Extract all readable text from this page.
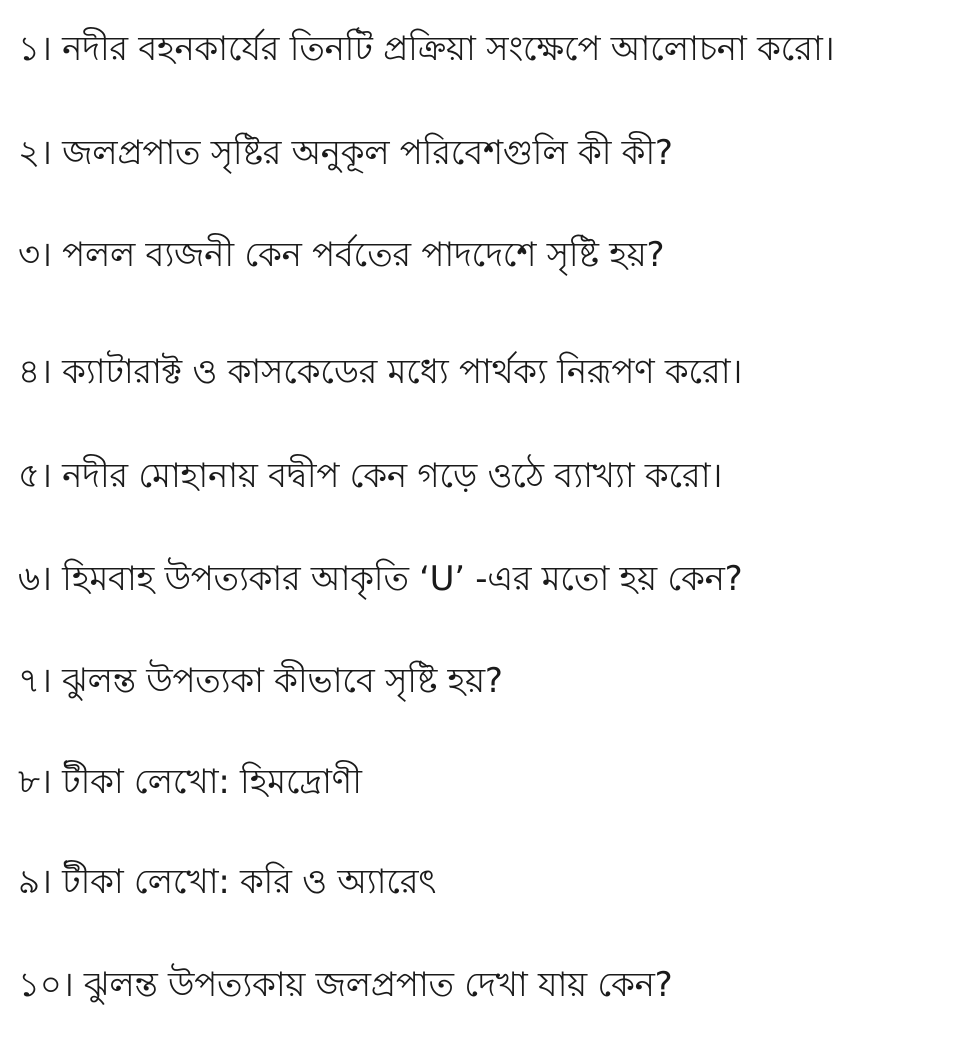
১। নদীর বহনকার্যের তিনটি প্রক্রিয়া সংক্ষেপে আলোচনা করো।

২। জলপ্রপাত সৃষ্টির অনুকূল পরিবেশগুলি কী কী?

৩। পলল ব্যজনী কেন পর্বতের পাদদেশে সৃষ্টি হয়?

৪। ক্যাটারাক্ট ও কাসকেডের মধ্যে পার্থক্য নিরূপণ করো।

৫। নদীর মোহানায় বদ্বীপ কেন গড়ে ওঠে ব্যাখ্যা করো।

৬। হিমবাহ উপত্যকার আকৃতি ‘U’ -এর মতো হয় কেন?

৭। ঝুলন্ত উপত্যকা কীভাবে সৃষ্টি হয়?

৮। টীকা লেখো: হিমদ্রোণী

৯। টীকা লেখো: করি ও অ্যারেৎ

১০। ঝুলন্ত উপত্যকায় জলপ্রপাত দেখা যায় কেন?
